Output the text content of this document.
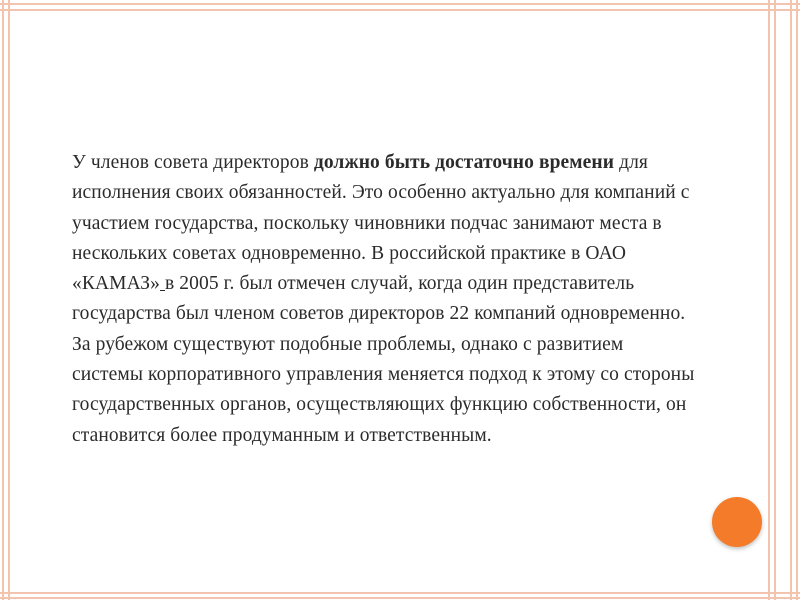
У членов совета директоров должно быть достаточно времени для исполнения своих обязанностей. Это особенно актуально для компаний с участием государства, поскольку чиновники подчас занимают места в нескольких советах одновременно. В российской практике в ОАО «КАМАЗ» в 2005 г. был отмечен случай, когда один представитель государства был членом советов директоров 22 компаний одновременно. За рубежом существуют подобные проблемы, однако с развитием системы корпоративного управления меняется подход к этому со стороны государственных органов, осуществляющих функцию собственности, он становится более продуманным и ответственным.
